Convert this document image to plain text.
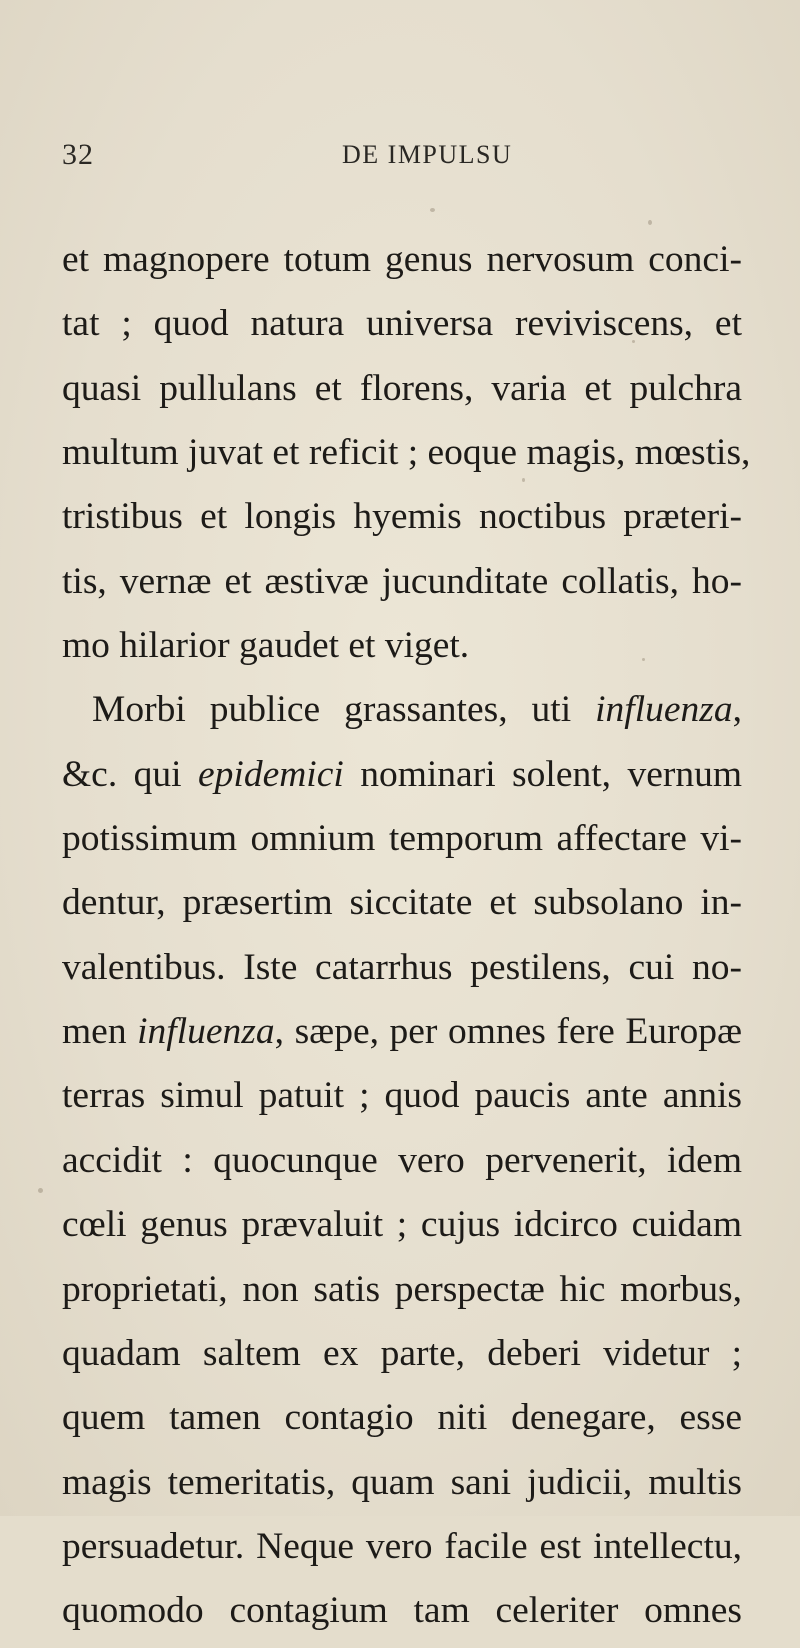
32	DE IMPULSU
et magnopere totum genus nervosum conci-
tat ; quod natura universa reviviscens, et
quasi pullulans et florens, varia et pulchra
multum juvat et reficit ; eoque magis, mœstis,
tristibus et longis hyemis noctibus præteri-
tis, vernæ et æstivæ jucunditate collatis, ho-
mo hilarior gaudet et viget.
Morbi publice grassantes, uti influenza,
&c. qui epidemici nominari solent, vernum
potissimum omnium temporum affectare vi-
dentur, præsertim siccitate et subsolano in-
valentibus. Iste catarrhus pestilens, cui no-
men influenza, sæpe, per omnes fere Europæ
terras simul patuit ; quod paucis ante annis
accidit : quocunque vero pervenerit, idem
cœli genus prævaluit ; cujus idcirco cuidam
proprietati, non satis perspectæ hic morbus,
quadam saltem ex parte, deberi videtur ;
quem tamen contagio niti denegare, esse
magis temeritatis, quam sani judicii, multis
persuadetur. Neque vero facile est intellectu,
quomodo contagium tam celeriter omnes
